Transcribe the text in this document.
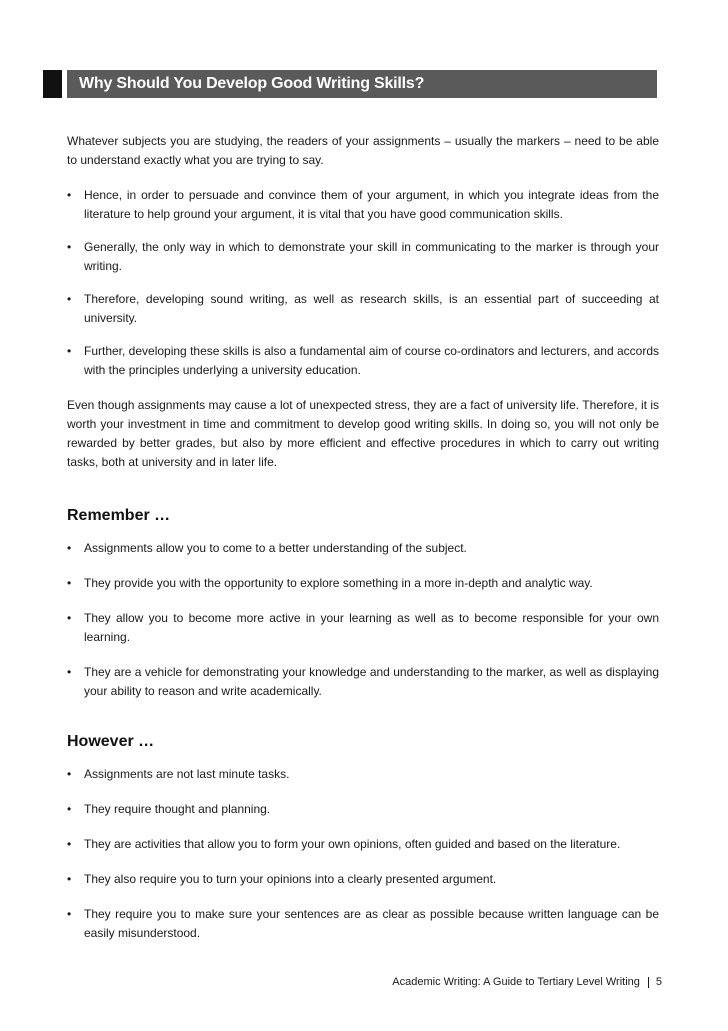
Why Should You Develop Good Writing Skills?

Whatever subjects you are studying, the readers of your assignments – usually the markers – need to be able to understand exactly what you are trying to say.

• Hence, in order to persuade and convince them of your argument, in which you integrate ideas from the literature to help ground your argument, it is vital that you have good communication skills.
• Generally, the only way in which to demonstrate your skill in communicating to the marker is through your writing.
• Therefore, developing sound writing, as well as research skills, is an essential part of succeeding at university.
• Further, developing these skills is also a fundamental aim of course co-ordinators and lecturers, and accords with the principles underlying a university education.

Even though assignments may cause a lot of unexpected stress, they are a fact of university life. Therefore, it is worth your investment in time and commitment to develop good writing skills. In doing so, you will not only be rewarded by better grades, but also by more efficient and effective procedures in which to carry out writing tasks, both at university and in later life.

Remember …
• Assignments allow you to come to a better understanding of the subject.
• They provide you with the opportunity to explore something in a more in-depth and analytic way.
• They allow you to become more active in your learning as well as to become responsible for your own learning.
• They are a vehicle for demonstrating your knowledge and understanding to the marker, as well as displaying your ability to reason and write academically.
However …
• Assignments are not last minute tasks.
• They require thought and planning.
• They are activities that allow you to form your own opinions, often guided and based on the literature.
• They also require you to turn your opinions into a clearly presented argument.
• They require you to make sure your sentences are as clear as possible because written language can be easily misunderstood.
Academic Writing: A Guide to Tertiary Level Writing 5
